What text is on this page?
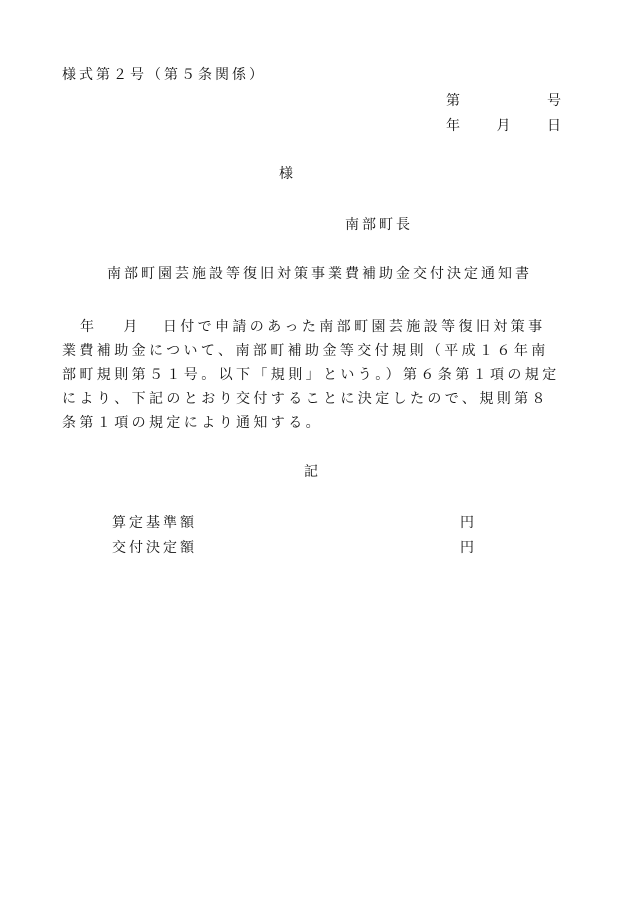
様式第２号（第５条関係）
第	号
年	月	日
様
南部町長
南部町園芸施設等復旧対策事業費補助金交付決定通知書
年 月 日付で申請のあった南部町園芸施設等復旧対策事業費補助金について、南部町補助金等交付規則（平成１６年南部町規則第５１号。以下「規則」という。）第６条第１項の規定により、下記のとおり交付することに決定したので、規則第８条第１項の規定により通知する。
記
算定基準額	円
交付決定額	円
